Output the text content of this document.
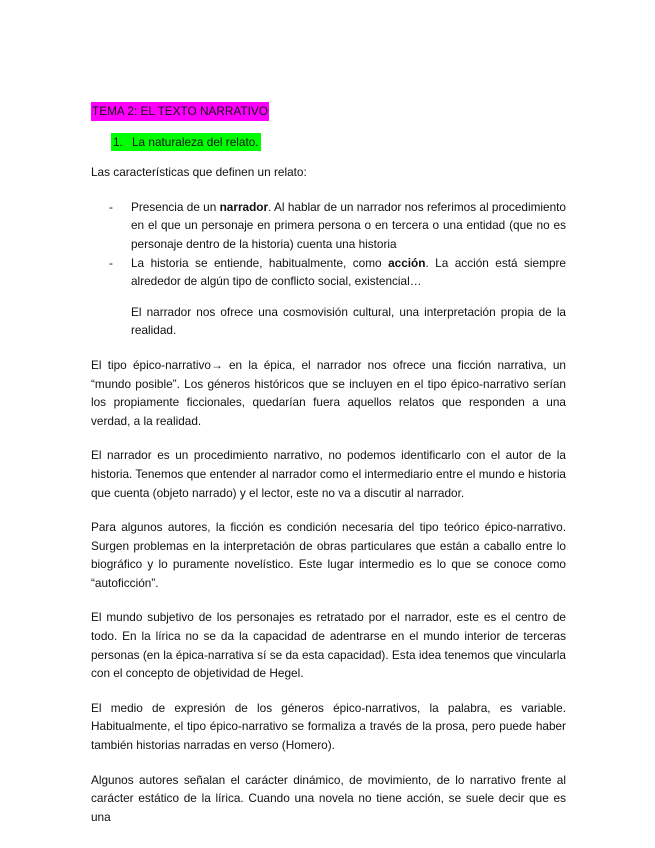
TEMA 2: EL TEXTO NARRATIVO
1. La naturaleza del relato.

Las características que definen un relato:

- Presencia de un narrador. Al hablar de un narrador nos referimos al procedimiento en el que un personaje en primera persona o en tercera o una entidad (que no es personaje dentro de la historia) cuenta una historia
- La historia se entiende, habitualmente, como acción. La acción está siempre alrededor de algún tipo de conflicto social, existencial…
El narrador nos ofrece una cosmovisión cultural, una interpretación propia de la realidad.

El tipo épico-narrativo→ en la épica, el narrador nos ofrece una ficción narrativa, un “mundo posible”. Los géneros históricos que se incluyen en el tipo épico-narrativo serían los propiamente ficcionales, quedarían fuera aquellos relatos que responden a una verdad, a la realidad.

El narrador es un procedimiento narrativo, no podemos identificarlo con el autor de la historia. Tenemos que entender al narrador como el intermediario entre el mundo e historia que cuenta (objeto narrado) y el lector, este no va a discutir al narrador.

Para algunos autores, la ficción es condición necesaria del tipo teórico épico-narrativo. Surgen problemas en la interpretación de obras particulares que están a caballo entre lo biográfico y lo puramente novelístico. Este lugar intermedio es lo que se conoce como “autoficción”.

El mundo subjetivo de los personajes es retratado por el narrador, este es el centro de todo. En la lírica no se da la capacidad de adentrarse en el mundo interior de terceras personas (en la épica-narrativa sí se da esta capacidad). Esta idea tenemos que vincularla con el concepto de objetividad de Hegel.

El medio de expresión de los géneros épico-narrativos, la palabra, es variable. Habitualmente, el tipo épico-narrativo se formaliza a través de la prosa, pero puede haber también historias narradas en verso (Homero).

Algunos autores señalan el carácter dinámico, de movimiento, de lo narrativo frente al carácter estático de la lírica. Cuando una novela no tiene acción, se suele decir que es una
